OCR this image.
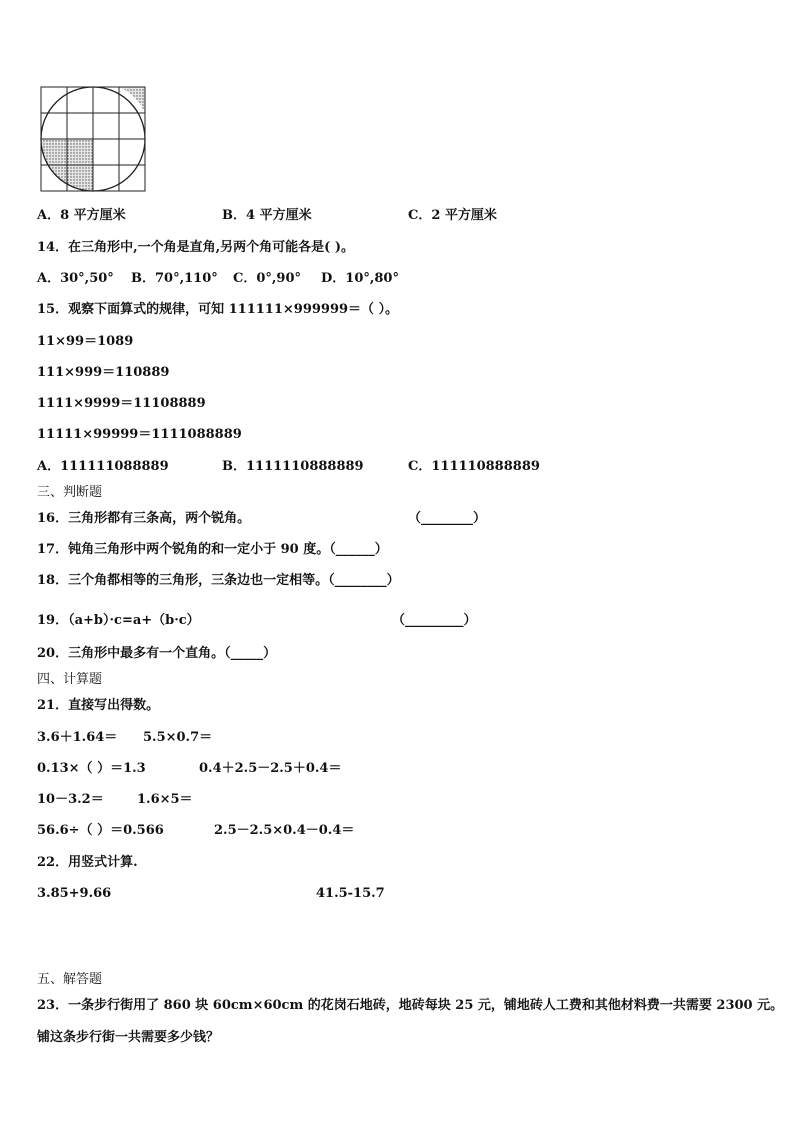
A．8 平方厘米	B．4 平方厘米	C．2 平方厘米
14．在三角形中,一个角是直角,另两个角可能各是( )。
A．30°,50° B．70°,110° C．0°,90° D．10°,80°
15．观察下面算式的规律，可知 111111×999999＝（ ）。
11×99＝1089
111×999＝110889
1111×9999＝11108889
11111×99999＝1111088889
A．111111088889	B．1111110888889	C．111110888889
三、判断题
16．三角形都有三条高，两个锐角。	（________）
17．钝角三角形中两个锐角的和一定小于 90 度。（______）
18．三个角都相等的三角形，三条边也一定相等。（________）
19．（a+b）·c=a+（b·c）	（_________）
20．三角形中最多有一个直角。（_____）
四、计算题
21．直接写出得数。
3.6＋1.64＝ 5.5×0.7＝
0.13×（ ）＝1.3	0.4＋2.5－2.5＋0.4＝
10－3.2＝	1.6×5＝
56.6÷（ ）＝0.566	2.5－2.5×0.4－0.4＝
22．用竖式计算.
3.85+9.66	41.5-15.7
五、解答题
23．一条步行街用了 860 块 60cm×60cm 的花岗石地砖，地砖每块 25 元，铺地砖人工费和其他材料费一共需要 2300 元。
铺这条步行街一共需要多少钱？
